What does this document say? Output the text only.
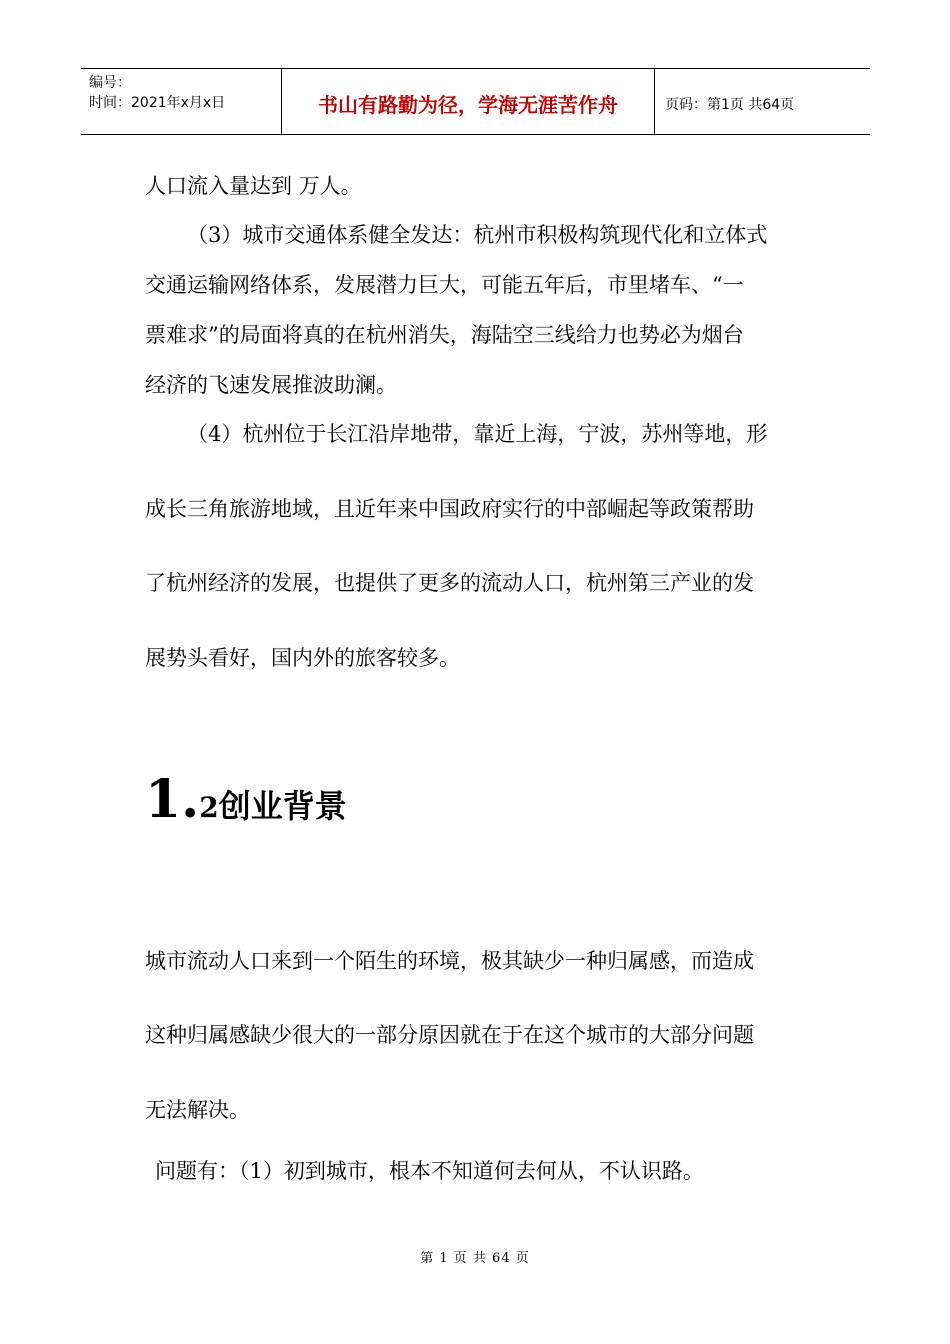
编号：
时间：2021年x月x日	书山有路勤为径，学海无涯苦作舟	页码：第1页 共64页

人口流入量达到 万人。

（3）城市交通体系健全发达：杭州市积极构筑现代化和立体式

交通运输网络体系，发展潜力巨大，可能五年后，市里堵车、“一

票难求”的局面将真的在杭州消失，海陆空三线给力也势必为烟台

经济的飞速发展推波助澜。

（4）杭州位于长江沿岸地带，靠近上海，宁波，苏州等地，形

成长三角旅游地域，且近年来中国政府实行的中部崛起等政策帮助

了杭州经济的发展，也提供了更多的流动人口，杭州第三产业的发

展势头看好，国内外的旅客较多。

1.2创业背景

城市流动人口来到一个陌生的环境，极其缺少一种归属感，而造成

这种归属感缺少很大的一部分原因就在于在这个城市的大部分问题

无法解决。

问题有：（1）初到城市，根本不知道何去何从，不认识路。

第 1 页 共 64 页
